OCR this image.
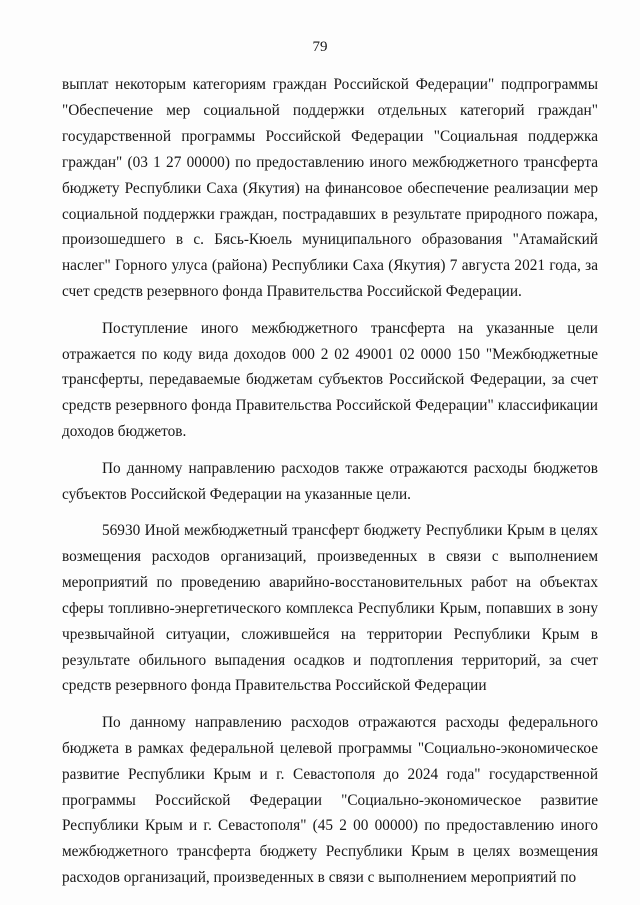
79

выплат некоторым категориям граждан Российской Федерации" подпрограммы "Обеспечение мер социальной поддержки отдельных категорий граждан" государственной программы Российской Федерации "Социальная поддержка граждан" (03 1 27 00000) по предоставлению иного межбюджетного трансферта бюджету Республики Саха (Якутия) на финансовое обеспечение реализации мер социальной поддержки граждан, пострадавших в результате природного пожара, произошедшего в с. Бясь-Кюель муниципального образования "Атамайский наслег" Горного улуса (района) Республики Саха (Якутия) 7 августа 2021 года, за счет средств резервного фонда Правительства Российской Федерации.

Поступление иного межбюджетного трансферта на указанные цели отражается по коду вида доходов 000 2 02 49001 02 0000 150 "Межбюджетные трансферты, передаваемые бюджетам субъектов Российской Федерации, за счет средств резервного фонда Правительства Российской Федерации" классификации доходов бюджетов.

По данному направлению расходов также отражаются расходы бюджетов субъектов Российской Федерации на указанные цели.

56930 Иной межбюджетный трансферт бюджету Республики Крым в целях возмещения расходов организаций, произведенных в связи с выполнением мероприятий по проведению аварийно-восстановительных работ на объектах сферы топливно-энергетического комплекса Республики Крым, попавших в зону чрезвычайной ситуации, сложившейся на территории Республики Крым в результате обильного выпадения осадков и подтопления территорий, за счет средств резервного фонда Правительства Российской Федерации

По данному направлению расходов отражаются расходы федерального бюджета в рамках федеральной целевой программы "Социально-экономическое развитие Республики Крым и г. Севастополя до 2024 года" государственной программы Российской Федерации "Социально-экономическое развитие Республики Крым и г. Севастополя" (45 2 00 00000) по предоставлению иного межбюджетного трансферта бюджету Республики Крым в целях возмещения расходов организаций, произведенных в связи с выполнением мероприятий по
